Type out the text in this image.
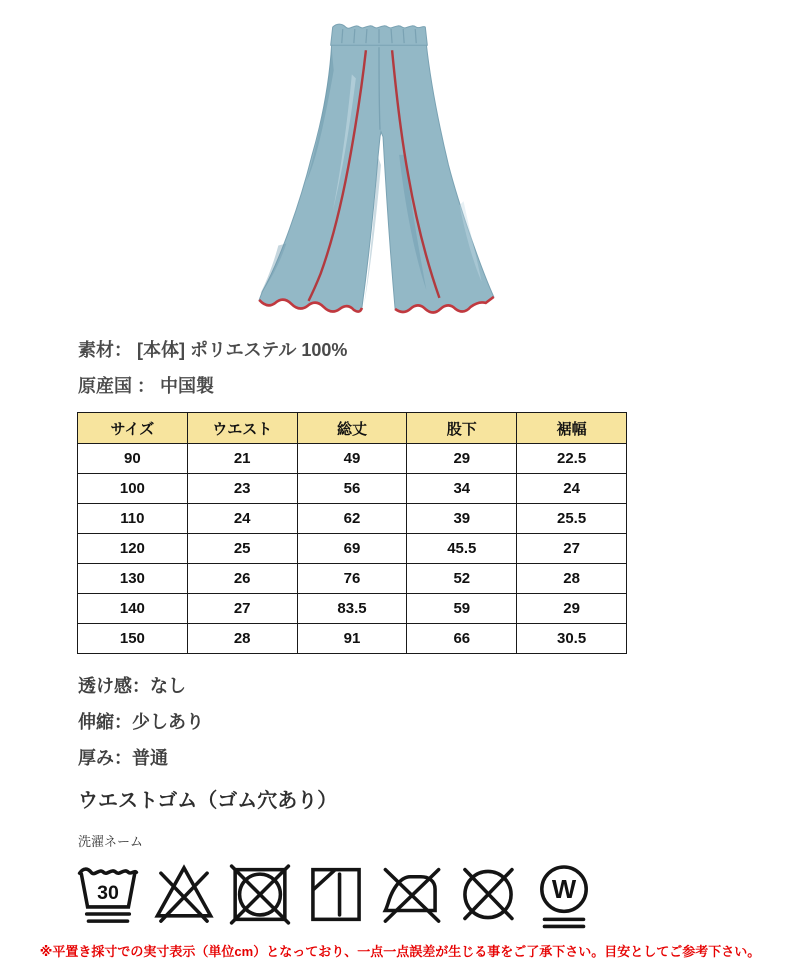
素材： [本体] ポリエステル 100%
原産国 ： 中国製
サイズ	ウエスト	総丈	股下	裾幅
90	21	49	29	22.5
100	23	56	34	24
110	24	62	39	25.5
120	25	69	45.5	27
130	26	76	52	28
140	27	83.5	59	29
150	28	91	66	30.5
透け感：なし
伸縮：少しあり
厚み：普通
ウエストゴム（ゴム穴あり）
洗濯ネーム
30	W
※平置き採寸での実寸表示（単位cm）となっており、一点一点誤差が生じる事をご了承下さい。目安としてご参考下さい。
